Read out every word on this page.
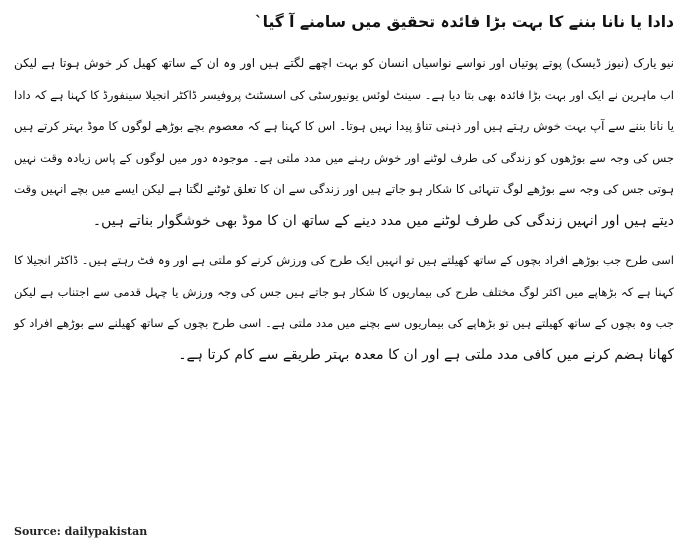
دادا یا نانا بننے کا بہت بڑا فائدہ تحقیق میں سامنے آ گیا`
نیو یارک (نیوز ڈیسک) پوتے پوتیاں اور نواسے نواسیاں انسان کو بہت اچھے لگتے ہیں اور وہ ان کے ساتھ کھیل کر خوش ہوتا ہے لیکن
اب ماہرین نے ایک اور بہت بڑا فائدہ بھی بتا دیا ہے۔ سینٹ لوئس یونیورسٹی کی اسسٹنٹ پروفیسر ڈاکٹر انجیلا سینفورڈ کا کہنا ہے کہ دادا
یا نانا بننے سے آپ بہت خوش رہتے ہیں اور ذہنی تناؤ پیدا نہیں ہوتا۔ اس کا کہنا ہے کہ معصوم بچے بوڑھے لوگوں کا موڈ بہتر کرتے ہیں
جس کی وجہ سے بوڑھوں کو زندگی کی طرف لوٹنے اور خوش رہنے میں مدد ملتی ہے۔ موجودہ دور میں لوگوں کے پاس زیادہ وقت نہیں
ہوتی جس کی وجہ سے بوڑھے لوگ تنہائی کا شکار ہو جاتے ہیں اور زندگی سے ان کا تعلق ٹوٹنے لگتا ہے لیکن ایسے میں بچے انہیں وقت
دیتے ہیں اور انہیں زندگی کی طرف لوٹنے میں مدد دینے کے ساتھ ان کا موڈ بھی خوشگوار بناتے ہیں۔
اسی طرح جب بوڑھے افراد بچوں کے ساتھ کھیلتے ہیں تو انہیں ایک طرح کی ورزش کرنے کو ملتی ہے اور وہ فٹ رہتے ہیں۔ ڈاکٹر انجیلا کا
کہنا ہے کہ بڑھاپے میں اکثر لوگ مختلف طرح کی بیماریوں کا شکار ہو جاتے ہیں جس کی وجہ ورزش یا چہل قدمی سے اجتناب ہے لیکن
جب وہ بچوں کے ساتھ کھیلتے ہیں تو بڑھاپے کی بیماریوں سے بچنے میں مدد ملتی ہے۔ اسی طرح بچوں کے ساتھ کھیلنے سے بوڑھے افراد کو
کھانا ہضم کرنے میں کافی مدد ملتی ہے اور ان کا معدہ بہتر طریقے سے کام کرتا ہے۔
Source: dailypakistan
